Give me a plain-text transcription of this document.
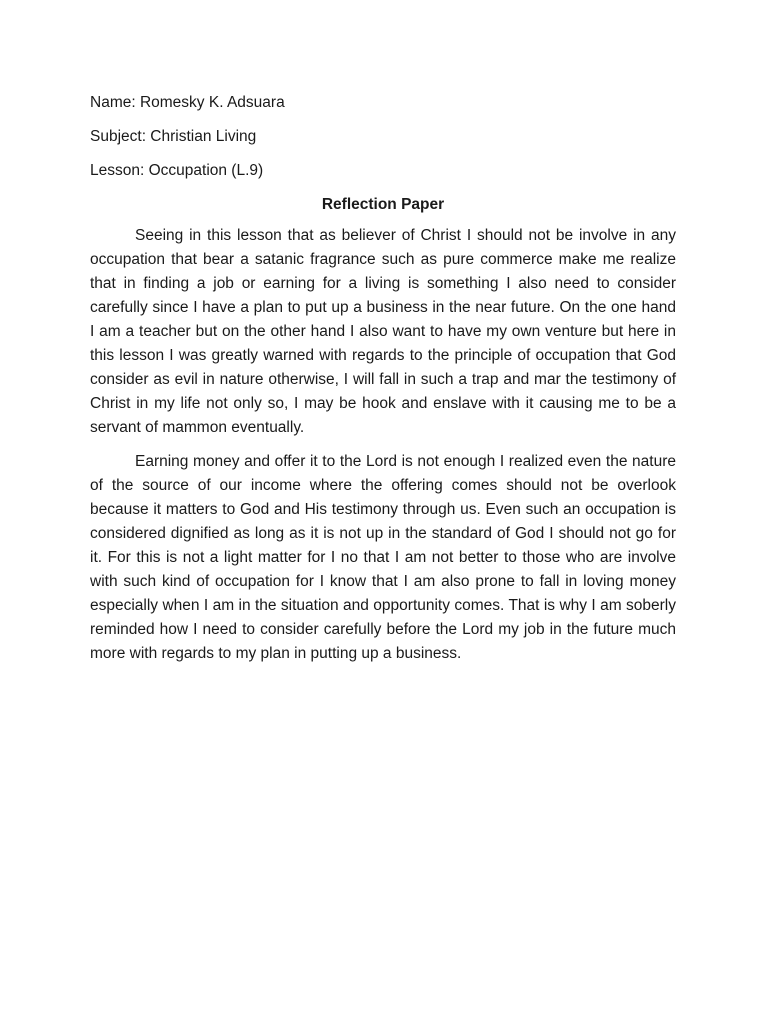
Name: Romesky K. Adsuara

Subject: Christian Living

Lesson: Occupation (L.9)

Reflection Paper

Seeing in this lesson that as believer of Christ I should not be involve in any occupation that bear a satanic fragrance such as pure commerce make me realize that in finding a job or earning for a living is something I also need to consider carefully since I have a plan to put up a business in the near future. On the one hand I am a teacher but on the other hand I also want to have my own venture but here in this lesson I was greatly warned with regards to the principle of occupation that God consider as evil in nature otherwise, I will fall in such a trap and mar the testimony of Christ in my life not only so, I may be hook and enslave with it causing me to be a servant of mammon eventually.

Earning money and offer it to the Lord is not enough I realized even the nature of the source of our income where the offering comes should not be overlook because it matters to God and His testimony through us. Even such an occupation is considered dignified as long as it is not up in the standard of God I should not go for it. For this is not a light matter for I no that I am not better to those who are involve with such kind of occupation for I know that I am also prone to fall in loving money especially when I am in the situation and opportunity comes. That is why I am soberly reminded how I need to consider carefully before the Lord my job in the future much more with regards to my plan in putting up a business.
